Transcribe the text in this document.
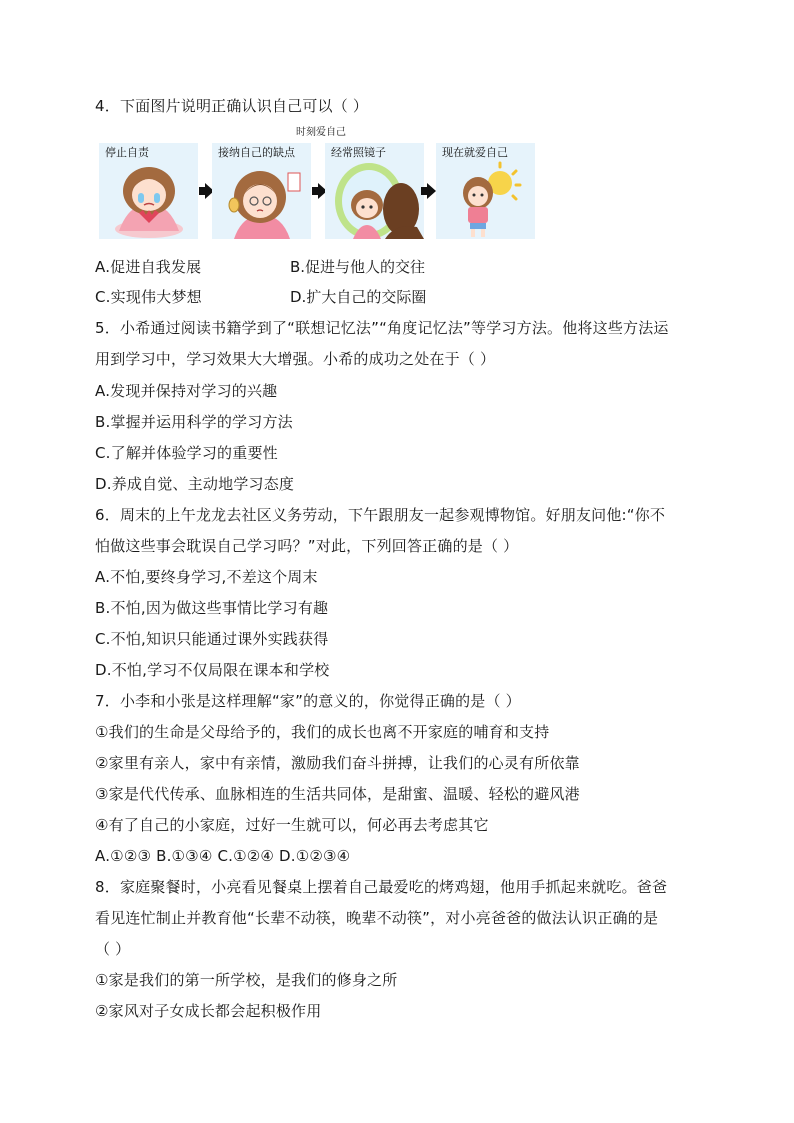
4．下面图片说明正确认识自己可以（ ）
时刻爱自己
停止自责	接纳自己的缺点	经常照镜子	现在就爱自己
A.促进自我发展	B.促进与他人的交往
C.实现伟大梦想	D.扩大自己的交际圈
5．小希通过阅读书籍学到了“联想记忆法”“角度记忆法”等学习方法。他将这些方法运
用到学习中，学习效果大大增强。小希的成功之处在于（ ）
A.发现并保持对学习的兴趣
B.掌握并运用科学的学习方法
C.了解并体验学习的重要性
D.养成自觉、主动地学习态度
6．周末的上午龙龙去社区义务劳动，下午跟朋友一起参观博物馆。好朋友问他:“你不
怕做这些事会耽误自己学习吗？”对此，下列回答正确的是（ ）
A.不怕,要终身学习,不差这个周末
B.不怕,因为做这些事情比学习有趣
C.不怕,知识只能通过课外实践获得
D.不怕,学习不仅局限在课本和学校
7．小李和小张是这样理解“家”的意义的，你觉得正确的是（ ）
①我们的生命是父母给予的，我们的成长也离不开家庭的哺育和支持
②家里有亲人，家中有亲情，激励我们奋斗拼搏，让我们的心灵有所依靠
③家是代代传承、血脉相连的生活共同体，是甜蜜、温暖、轻松的避风港
④有了自己的小家庭，过好一生就可以，何必再去考虑其它
A.①②③ B.①③④ C.①②④ D.①②③④
8．家庭聚餐时，小亮看见餐桌上摆着自己最爱吃的烤鸡翅，他用手抓起来就吃。爸爸
看见连忙制止并教育他“长辈不动筷，晚辈不动筷”，对小亮爸爸的做法认识正确的是
（ ）
①家是我们的第一所学校，是我们的修身之所
②家风对子女成长都会起积极作用
